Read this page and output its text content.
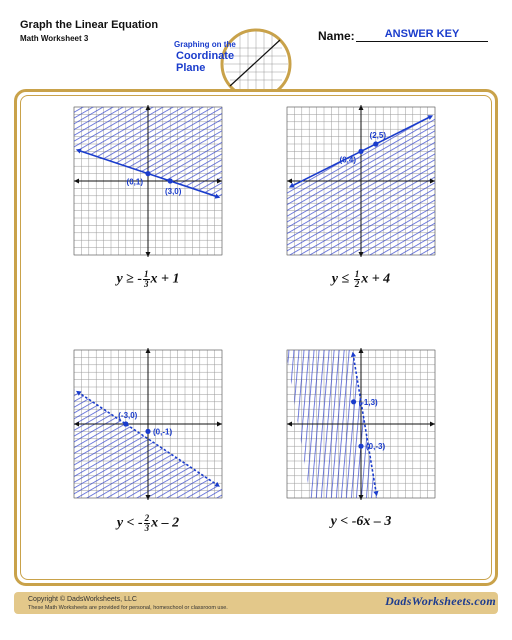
Graph the Linear Equation
Math Worksheet 3	Name:	ANSWER KEY
Graphing on the
Coordinate
Plane
(0,1)
(3,0)
y ≥ - $\frac{1}{3}$ x + 1
(0,4)
(2,5)
$y \le \frac{1}{2}$ x + 4
(-3,0)
(0,-1)
y < - $\frac{2}{3}$ x – 2
(-1,3)
(0,-3)
y < -6x – 3
Copyright © DadsWorksheets, LLC
These Math Worksheets are provided for personal, homeschool or classroom use.	DadsWorksheets.com
